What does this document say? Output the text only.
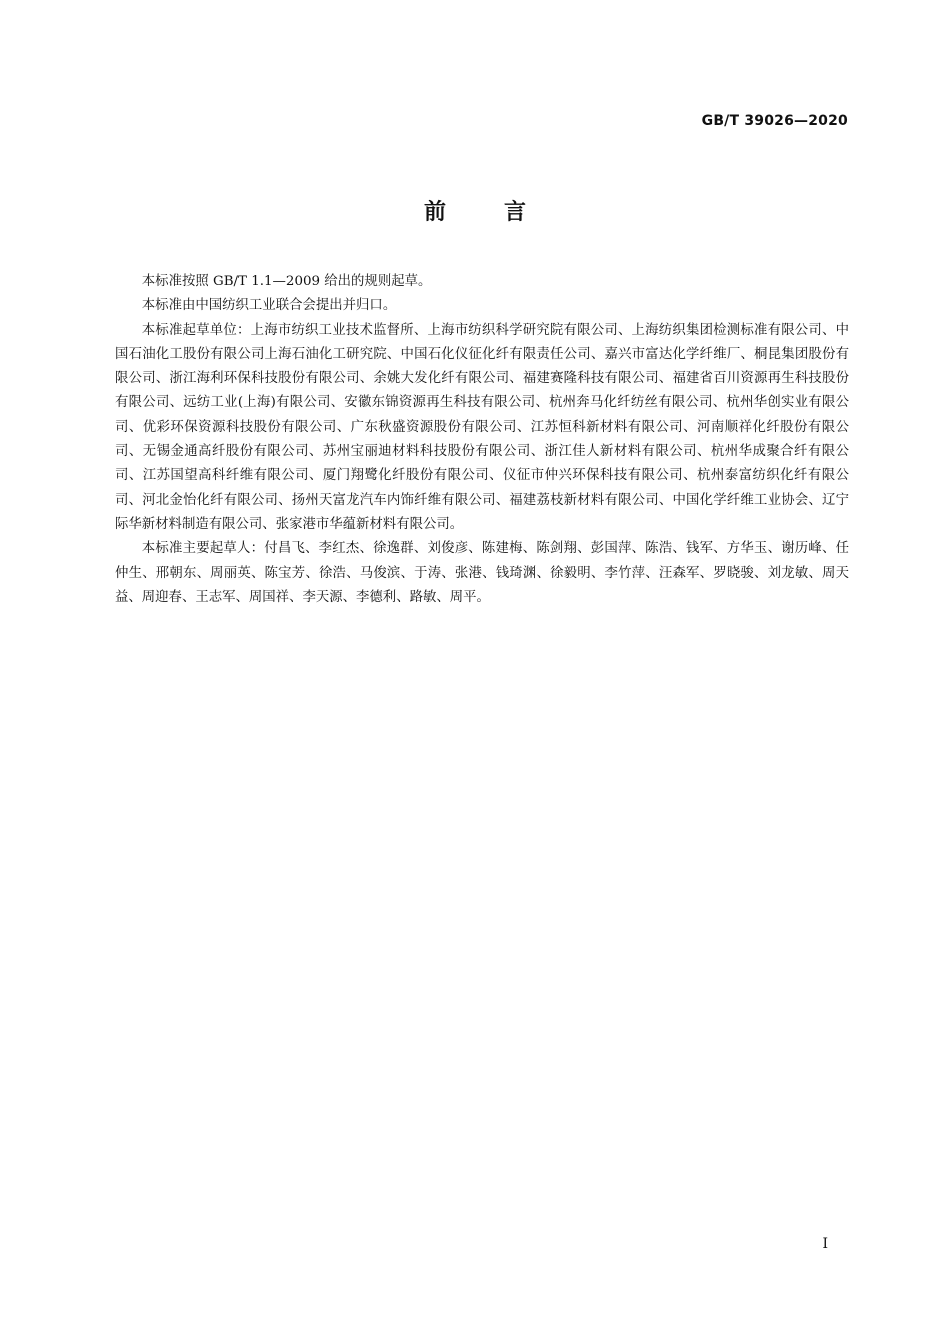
GB/T 39026—2020
前言

本标准按照 GB/T 1.1—2009 给出的规则起草。

本标准由中国纺织工业联合会提出并归口。

本标准起草单位：上海市纺织工业技术监督所、上海市纺织科学研究院有限公司、上海纺织集团检测标准有限公司、中国石油化工股份有限公司上海石油化工研究院、中国石化仪征化纤有限责任公司、嘉兴市富达化学纤维厂、桐昆集团股份有限公司、浙江海利环保科技股份有限公司、余姚大发化纤有限公司、福建赛隆科技有限公司、福建省百川资源再生科技股份有限公司、远纺工业(上海)有限公司、安徽东锦资源再生科技有限公司、杭州奔马化纤纺丝有限公司、杭州华创实业有限公司、优彩环保资源科技股份有限公司、广东秋盛资源股份有限公司、江苏恒科新材料有限公司、河南顺祥化纤股份有限公司、无锡金通高纤股份有限公司、苏州宝丽迪材料科技股份有限公司、浙江佳人新材料有限公司、杭州华成聚合纤有限公司、江苏国望高科纤维有限公司、厦门翔鹭化纤股份有限公司、仪征市仲兴环保科技有限公司、杭州泰富纺织化纤有限公司、河北金怡化纤有限公司、扬州天富龙汽车内饰纤维有限公司、福建荔枝新材料有限公司、中国化学纤维工业协会、辽宁际华新材料制造有限公司、张家港市华蕴新材料有限公司。

本标准主要起草人：付昌飞、李红杰、徐逸群、刘俊彦、陈建梅、陈剑翔、彭国萍、陈浩、钱军、方华玉、谢历峰、任仲生、邢朝东、周丽英、陈宝芳、徐浩、马俊滨、于涛、张港、钱琦渊、徐毅明、李竹萍、汪森军、罗晓骏、刘龙敏、周天益、周迎春、王志军、周国祥、李天源、李德利、路敏、周平。

I
